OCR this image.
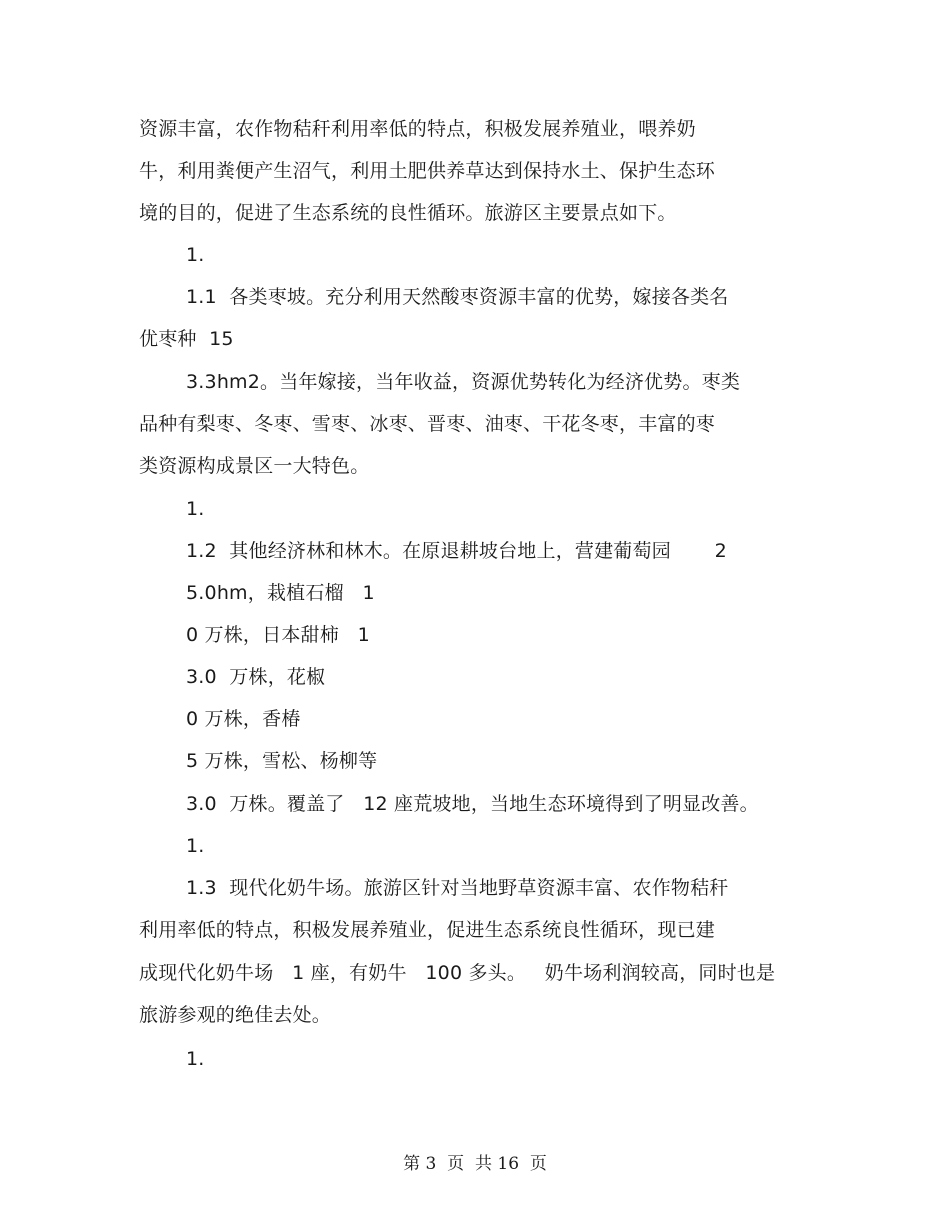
资源丰富，农作物秸秆利用率低的特点，积极发展养殖业，喂养奶
牛，利用粪便产生沼气，利用土肥供养草达到保持水土、保护生态环
境的目的，促进了生态系统的良性循环。旅游区主要景点如下。
1.
1.1  各类枣坡。充分利用天然酸枣资源丰富的优势，嫁接各类名
优枣种  15
3.3hm2。当年嫁接，当年收益，资源优势转化为经济优势。枣类
品种有梨枣、冬枣、雪枣、冰枣、晋枣、油枣、干花冬枣，丰富的枣
类资源构成景区一大特色。
1.
1.2  其他经济林和林木。在原退耕坡台地上，营建葡萄园       2
5.0hm，栽植石榴   1
0 万株，日本甜柿   1
3.0  万株，花椒
0 万株，香椿
5 万株，雪松、杨柳等
3.0  万株。覆盖了   12 座荒坡地，当地生态环境得到了明显改善。
1.
1.3  现代化奶牛场。旅游区针对当地野草资源丰富、农作物秸秆
利用率低的特点，积极发展养殖业，促进生态系统良性循环，现已建
成现代化奶牛场   1 座，有奶牛   100 多头。   奶牛场利润较高，同时也是
旅游参观的绝佳去处。
1.
第 3  页  共 16  页
